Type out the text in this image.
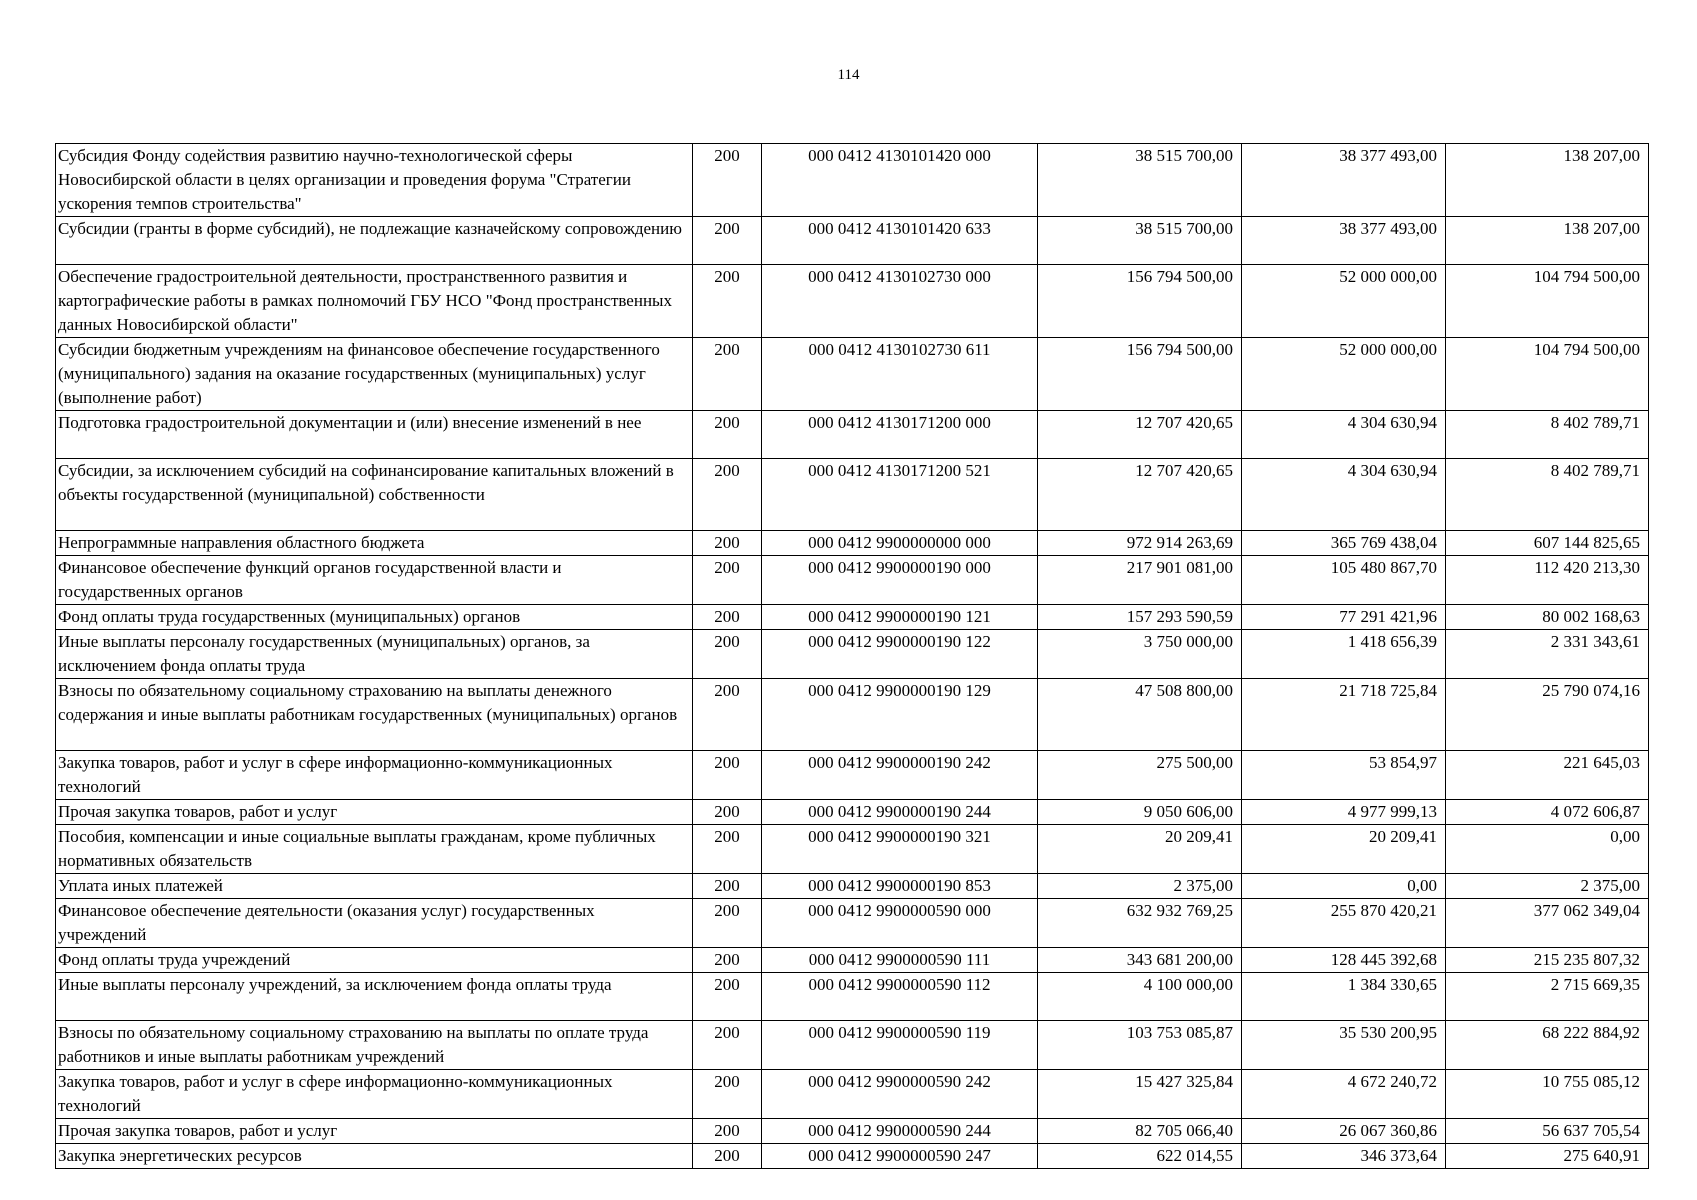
114
Субсидия Фонду содействия развитию научно-технологической сферы Новосибирской области в целях организации и проведения форума "Стратегии ускорения темпов строительства"	200	000 0412 4130101420 000	38 515 700,00	38 377 493,00	138 207,00
Субсидии (гранты в форме субсидий), не подлежащие казначейскому сопровождению	200	000 0412 4130101420 633	38 515 700,00	38 377 493,00	138 207,00
Обеспечение градостроительной деятельности, пространственного развития и картографические работы в рамках полномочий ГБУ НСО "Фонд пространственных данных Новосибирской области"	200	000 0412 4130102730 000	156 794 500,00	52 000 000,00	104 794 500,00
Субсидии бюджетным учреждениям на финансовое обеспечение государственного (муниципального) задания на оказание государственных (муниципальных) услуг (выполнение работ)	200	000 0412 4130102730 611	156 794 500,00	52 000 000,00	104 794 500,00
Подготовка градостроительной документации и (или) внесение изменений в нее	200	000 0412 4130171200 000	12 707 420,65	4 304 630,94	8 402 789,71
Субсидии, за исключением субсидий на софинансирование капитальных вложений в объекты государственной (муниципальной) собственности	200	000 0412 4130171200 521	12 707 420,65	4 304 630,94	8 402 789,71
Непрограммные направления областного бюджета	200	000 0412 9900000000 000	972 914 263,69	365 769 438,04	607 144 825,65
Финансовое обеспечение функций органов государственной власти и государственных органов	200	000 0412 9900000190 000	217 901 081,00	105 480 867,70	112 420 213,30
Фонд оплаты труда государственных (муниципальных) органов	200	000 0412 9900000190 121	157 293 590,59	77 291 421,96	80 002 168,63
Иные выплаты персоналу государственных (муниципальных) органов, за исключением фонда оплаты труда	200	000 0412 9900000190 122	3 750 000,00	1 418 656,39	2 331 343,61
Взносы по обязательному социальному страхованию на выплаты денежного содержания и иные выплаты работникам государственных (муниципальных) органов	200	000 0412 9900000190 129	47 508 800,00	21 718 725,84	25 790 074,16
Закупка товаров, работ и услуг в сфере информационно-коммуникационных технологий	200	000 0412 9900000190 242	275 500,00	53 854,97	221 645,03
Прочая закупка товаров, работ и услуг	200	000 0412 9900000190 244	9 050 606,00	4 977 999,13	4 072 606,87
Пособия, компенсации и иные социальные выплаты гражданам, кроме публичных нормативных обязательств	200	000 0412 9900000190 321	20 209,41	20 209,41	0,00
Уплата иных платежей	200	000 0412 9900000190 853	2 375,00	0,00	2 375,00
Финансовое обеспечение деятельности (оказания услуг) государственных учреждений	200	000 0412 9900000590 000	632 932 769,25	255 870 420,21	377 062 349,04
Фонд оплаты труда учреждений	200	000 0412 9900000590 111	343 681 200,00	128 445 392,68	215 235 807,32
Иные выплаты персоналу учреждений, за исключением фонда оплаты труда	200	000 0412 9900000590 112	4 100 000,00	1 384 330,65	2 715 669,35
Взносы по обязательному социальному страхованию на выплаты по оплате труда работников и иные выплаты работникам учреждений	200	000 0412 9900000590 119	103 753 085,87	35 530 200,95	68 222 884,92
Закупка товаров, работ и услуг в сфере информационно-коммуникационных технологий	200	000 0412 9900000590 242	15 427 325,84	4 672 240,72	10 755 085,12
Прочая закупка товаров, работ и услуг	200	000 0412 9900000590 244	82 705 066,40	26 067 360,86	56 637 705,54
Закупка энергетических ресурсов	200	000 0412 9900000590 247	622 014,55	346 373,64	275 640,91
